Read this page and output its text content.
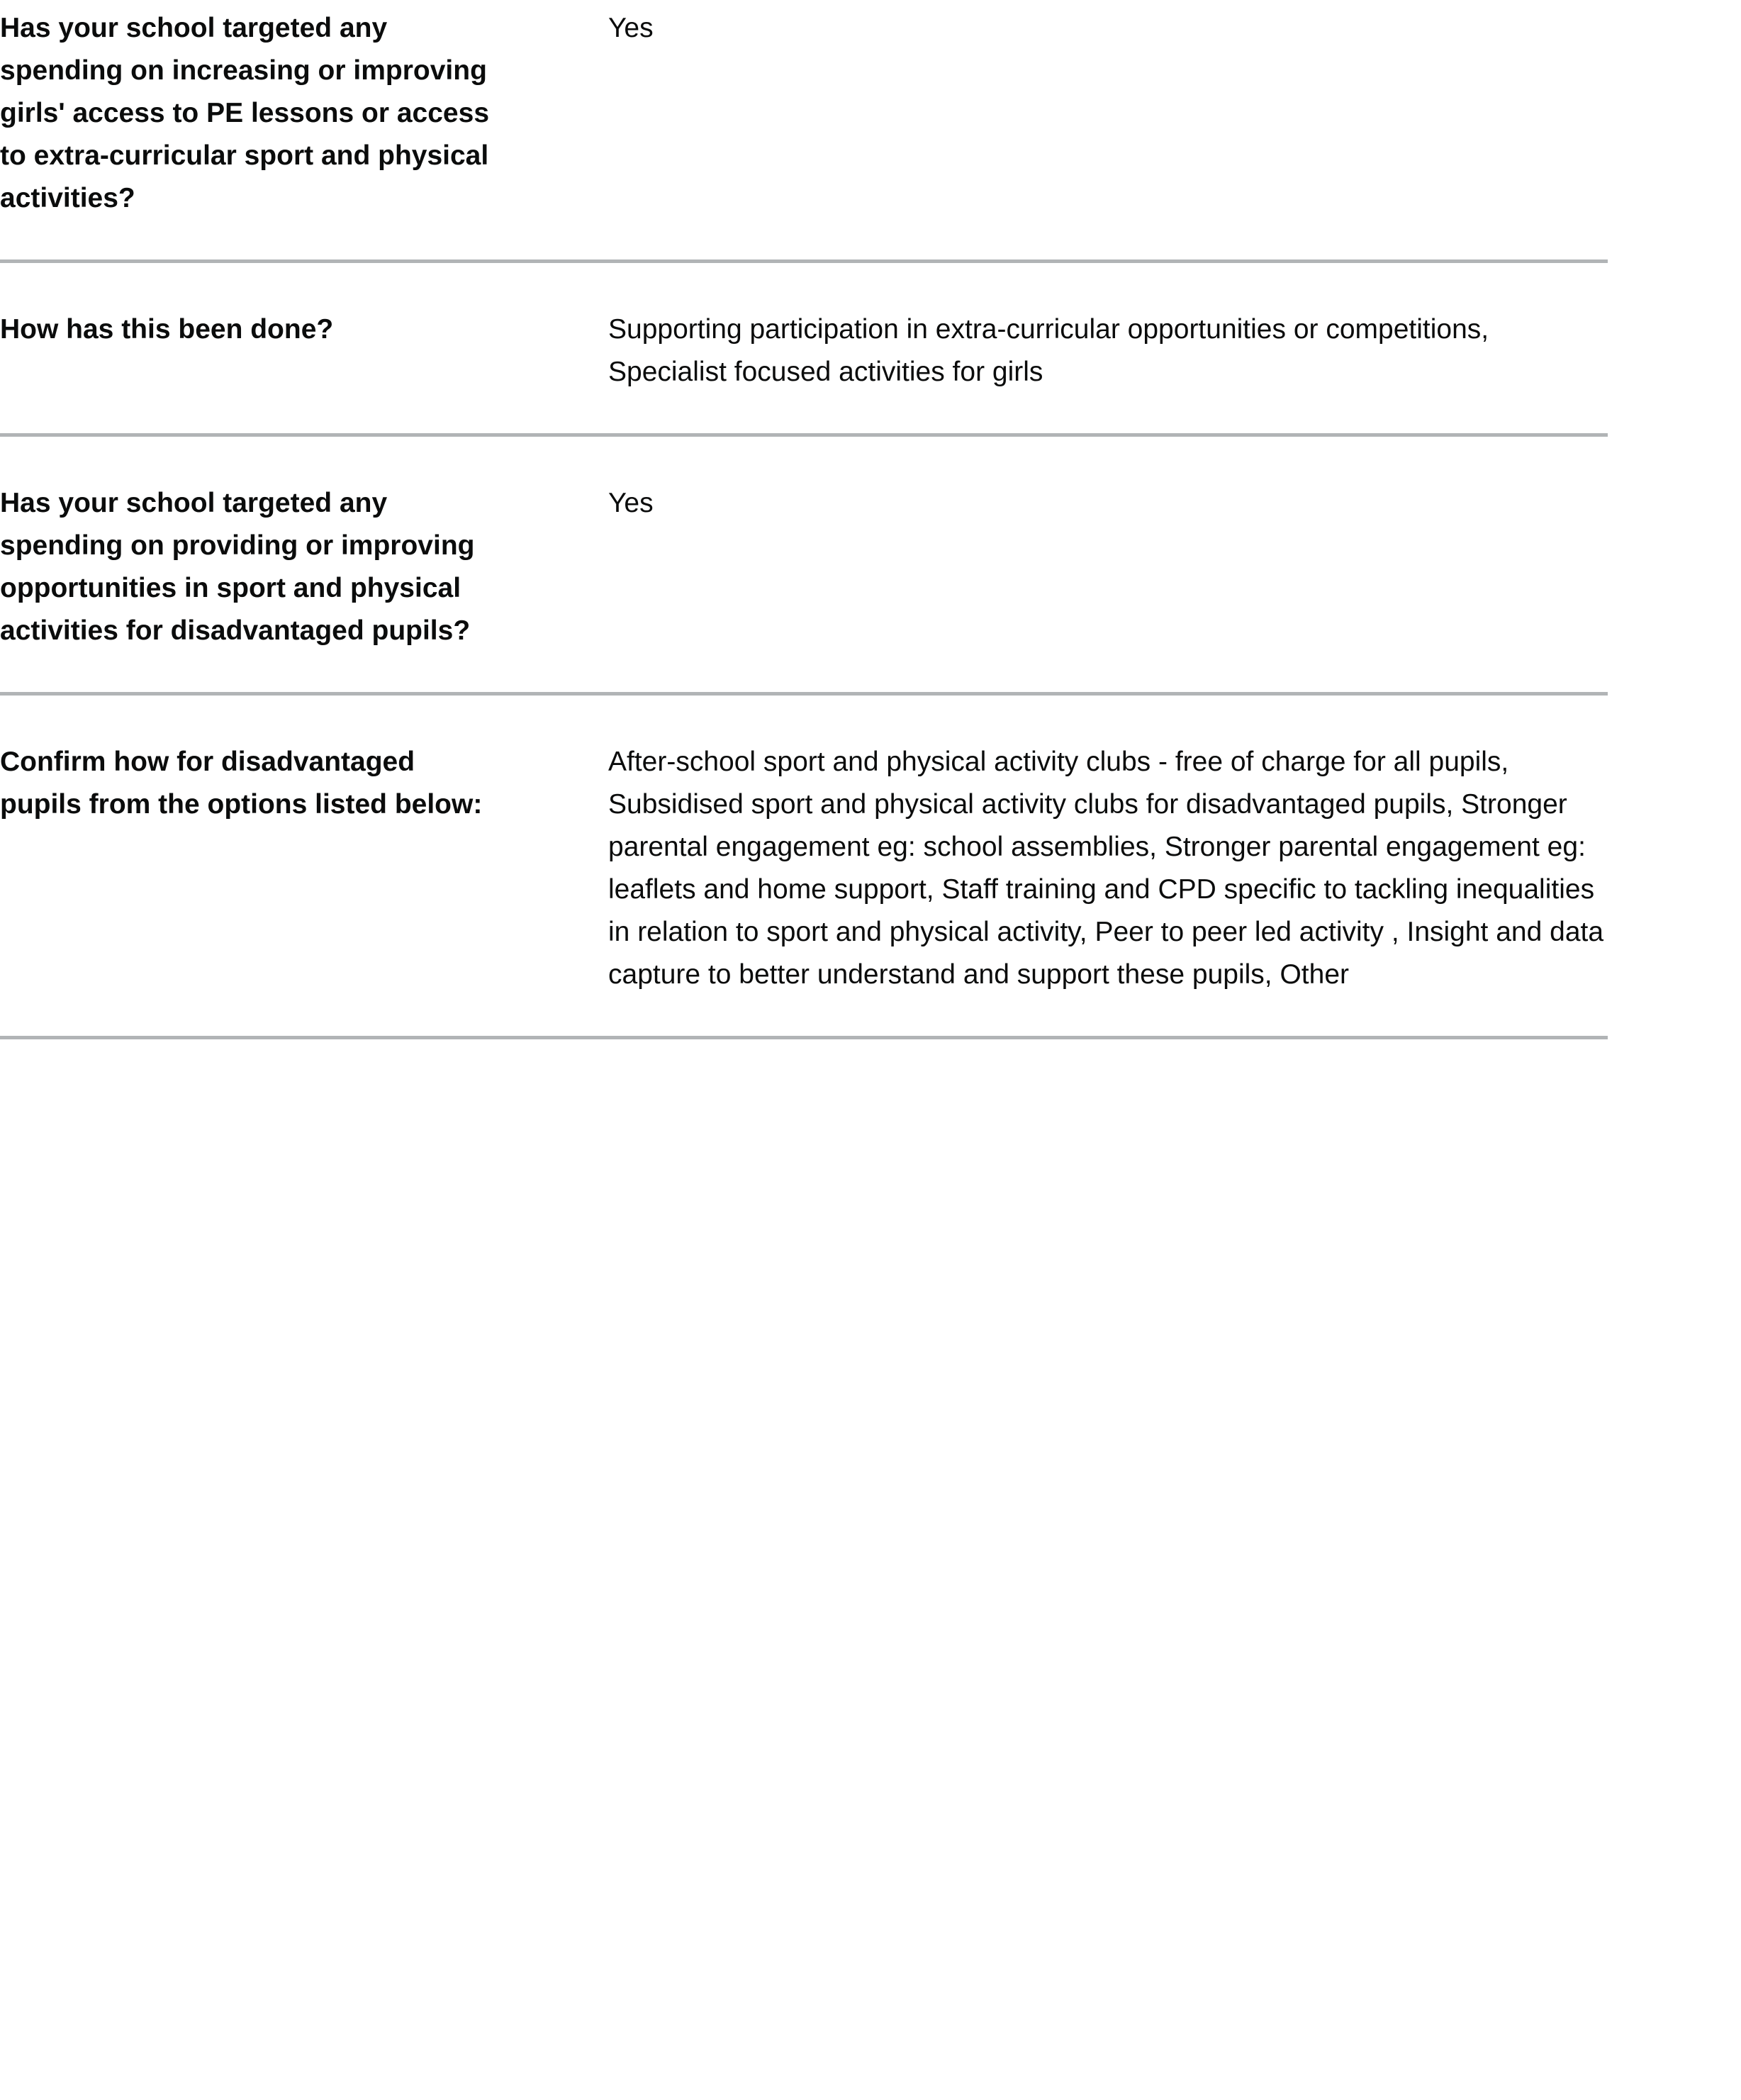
Has your school targeted any spending on increasing or improving girls' access to PE lessons or access to extra-curricular sport and physical activities?
Yes
How has this been done?	Supporting participation in extra-curricular opportunities or competitions, Specialist focused activities for girls
Has your school targeted any spending on providing or improving opportunities in sport and physical activities for disadvantaged pupils?
Yes
Confirm how for disadvantaged pupils from the options listed below:
After-school sport and physical activity clubs - free of charge for all pupils, Subsidised sport and physical activity clubs for disadvantaged pupils, Stronger parental engagement eg: school assemblies, Stronger parental engagement eg: leaflets and home support, Staff training and CPD specific to tackling inequalities in relation to sport and physical activity, Peer to peer led activity , Insight and data capture to better understand and support these pupils, Other
